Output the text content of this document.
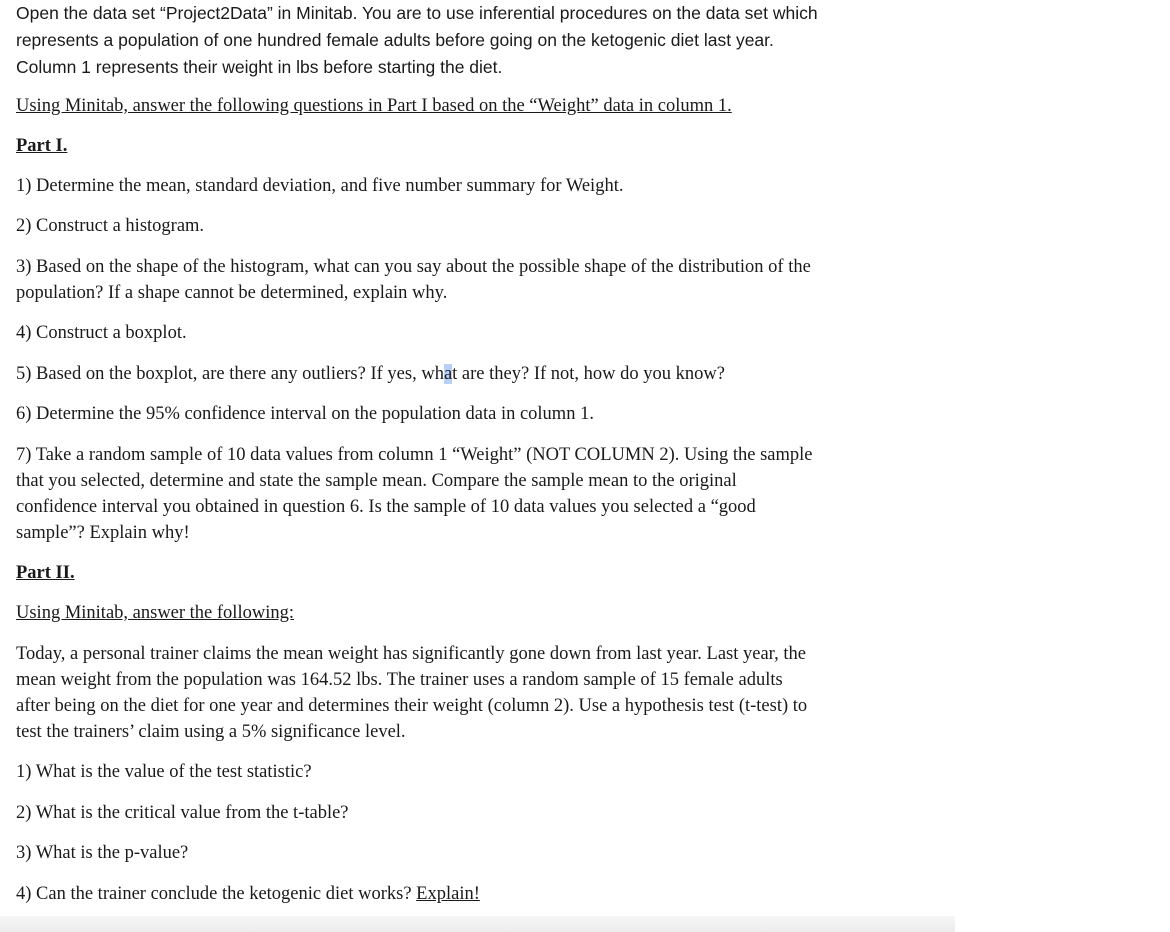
Open the data set “Project2Data” in Minitab. You are to use inferential procedures on the data set which
represents a population of one hundred female adults before going on the ketogenic diet last year.
Column 1 represents their weight in lbs before starting the diet.
Using Minitab, answer the following questions in Part I based on the “Weight” data in column 1.
Part I.
1) Determine the mean, standard deviation, and five number summary for Weight.
2) Construct a histogram.
3) Based on the shape of the histogram, what can you say about the possible shape of the distribution of the
population? If a shape cannot be determined, explain why.
4) Construct a boxplot.
5) Based on the boxplot, are there any outliers? If yes, what are they? If not, how do you know?
6) Determine the 95% confidence interval on the population data in column 1.
7) Take a random sample of 10 data values from column 1 “Weight” (NOT COLUMN 2). Using the sample
that you selected, determine and state the sample mean. Compare the sample mean to the original
confidence interval you obtained in question 6. Is the sample of 10 data values you selected a “good
sample”? Explain why!
Part II.
Using Minitab, answer the following:
Today, a personal trainer claims the mean weight has significantly gone down from last year. Last year, the
mean weight from the population was 164.52 lbs. The trainer uses a random sample of 15 female adults
after being on the diet for one year and determines their weight (column 2). Use a hypothesis test (t-test) to
test the trainers’ claim using a 5% significance level.
1) What is the value of the test statistic?
2) What is the critical value from the t-table?
3) What is the p-value?
4) Can the trainer conclude the ketogenic diet works? Explain!
